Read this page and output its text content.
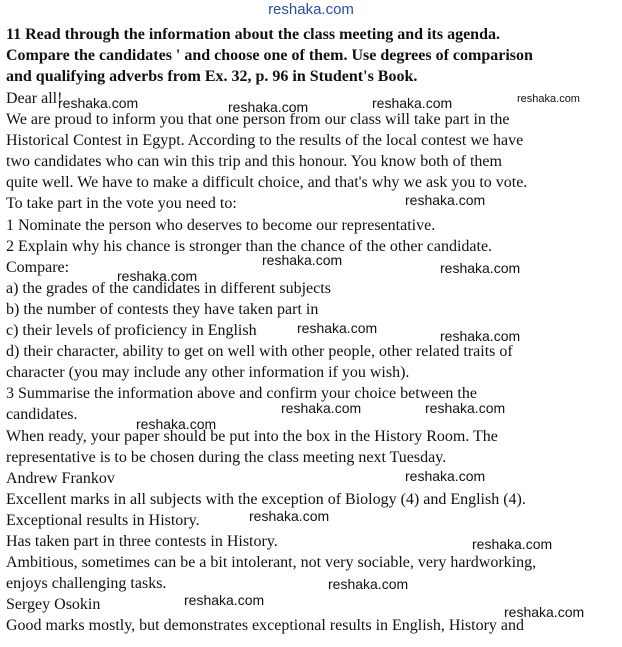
reshaka.com
11 Read through the information about the class meeting and its agenda.
Compare the candidates ' and choose one of them. Use degrees of comparison
and qualifying adverbs from Ex. 32, p. 96 in Student's Book.
Dear all!
We are proud to inform you that one person from our class will take part in the
Historical Contest in Egypt. According to the results of the local contest we have
two candidates who can win this trip and this honour. You know both of them
quite well. We have to make a difficult choice, and that's why we ask you to vote.
To take part in the vote you need to:
1 Nominate the person who deserves to become our representative.
2 Explain why his chance is stronger than the chance of the other candidate.
Compare:
a) the grades of the candidates in different subjects
b) the number of contests they have taken part in
c) their levels of proficiency in English
d) their character, ability to get on well with other people, other related traits of
character (you may include any other information if you wish).
3 Summarise the information above and confirm your choice between the
candidates.
When ready, your paper should be put into the box in the History Room. The
representative is to be chosen during the class meeting next Tuesday.
Andrew Frankov
Excellent marks in all subjects with the exception of Biology (4) and English (4).
Exceptional results in History.
Has taken part in three contests in History.
Ambitious, sometimes can be a bit intolerant, not very sociable, very hardworking,
enjoys challenging tasks.
Sergey Osokin
Good marks mostly, but demonstrates exceptional results in English, History and
reshaka.com	reshaka.com	reshaka.com	reshaka.com
reshaka.com
reshaka.com
reshaka.com	reshaka.com
reshaka.com	reshaka.com
reshaka.com	reshaka.com
reshaka.com
reshaka.com
reshaka.com
reshaka.com
reshaka.com
reshaka.com
reshaka.com
